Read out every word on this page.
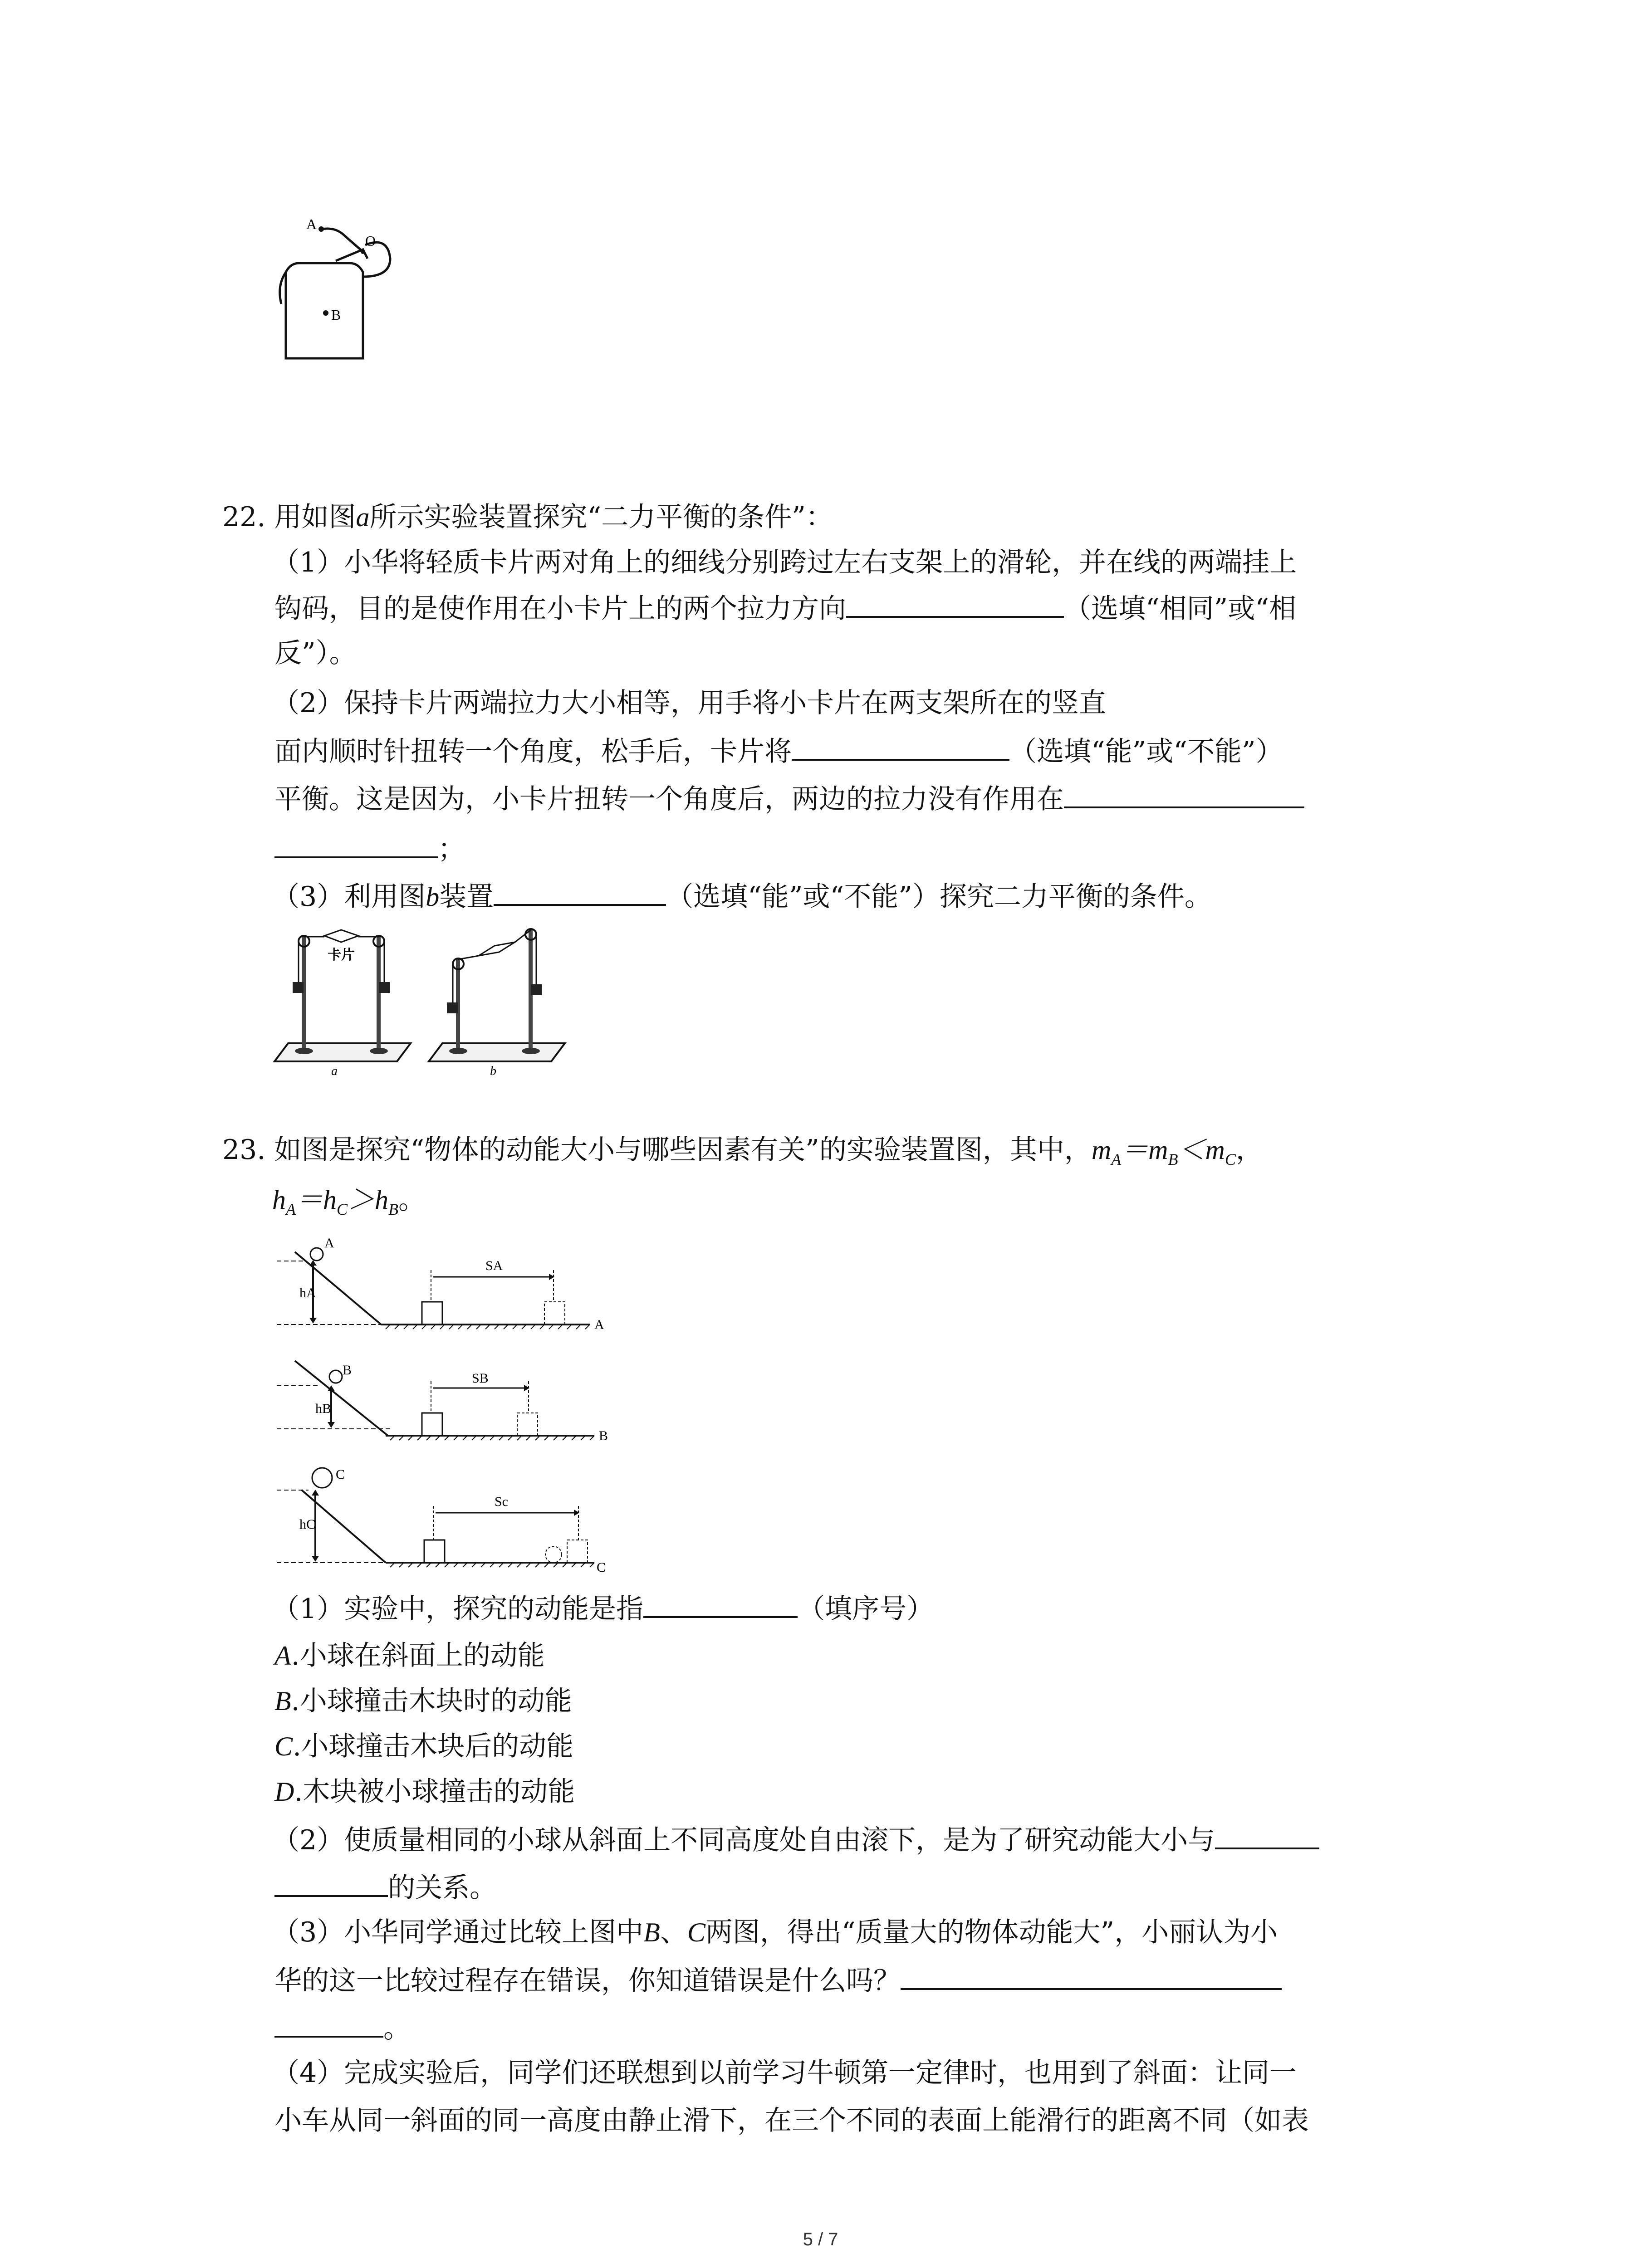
A
O
B
22. 用如图a所示实验装置探究“二力平衡的条件”：
（1）小华将轻质卡片两对角上的细线分别跨过左右支架上的滑轮，并在线的两端挂上
钩码，目的是使作用在小卡片上的两个拉力方向	（选填“相同”或“相
反”）。
（2）保持卡片两端拉力大小相等，用手将小卡片在两支架所在的竖直
面内顺时针扭转一个角度，松手后，卡片将	（选填“能”或“不能”）
平衡。这是因为，小卡片扭转一个角度后，两边的拉力没有作用在
；
（3）利用图b装置	（选填“能”或“不能”）探究二力平衡的条件。
卡片
a	b
23. 如图是探究“物体的动能大小与哪些因素有关”的实验装置图，其中，$m_A=m_B<m_C$，
$h_A=h_C>h_B$。
A
hA
SA
A
B
hB
SB
B
C
hC
Sc
C
（1）实验中，探究的动能是指	（填序号）
A.小球在斜面上的动能
B.小球撞击木块时的动能
C.小球撞击木块后的动能
D.木块被小球撞击的动能
（2）使质量相同的小球从斜面上不同高度处自由滚下，是为了研究动能大小与
的关系。
（3）小华同学通过比较上图中B、C两图，得出“质量大的物体动能大”，小丽认为小
华的这一比较过程存在错误，你知道错误是什么吗？
。
（4）完成实验后，同学们还联想到以前学习牛顿第一定律时，也用到了斜面：让同一
小车从同一斜面的同一高度由静止滑下，在三个不同的表面上能滑行的距离不同（如表
5 / 7
